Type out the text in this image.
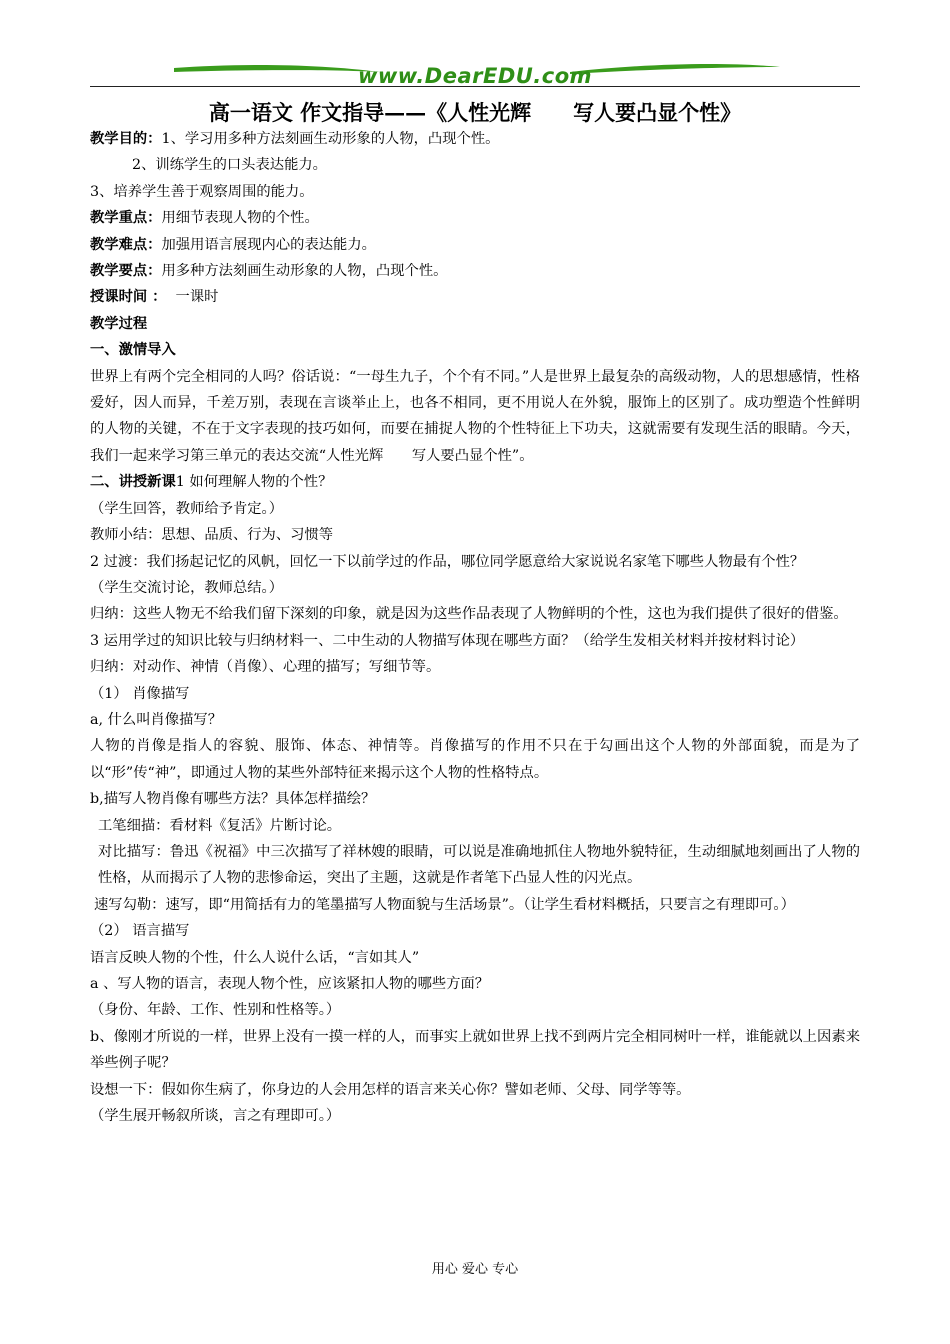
www.DearEDU.com
高一语文 作文指导——《人性光辉　　写人要凸显个性》

教学目的：1、学习用多种方法刻画生动形象的人物，凸现个性。

2、训练学生的口头表达能力。

3、培养学生善于观察周围的能力。

教学重点：用细节表现人物的个性。

教学难点：加强用语言展现内心的表达能力。

教学要点：用多种方法刻画生动形象的人物，凸现个性。

授课时间 ：  一课时

教学过程

一、激情导入

世界上有两个完全相同的人吗？俗话说：“一母生九子，个个有不同。”人是世界上最复杂的高级动物，人的思想感情，性格爱好，因人而异，千差万别，表现在言谈举止上，也各不相同，更不用说人在外貌，服饰上的区别了。成功塑造个性鲜明的人物的关键，不在于文字表现的技巧如何，而要在捕捉人物的个性特征上下功夫，这就需要有发现生活的眼睛。今天，我们一起来学习第三单元的表达交流“人性光辉　　写人要凸显个性”。

二、讲授新课1 如何理解人物的个性？

（学生回答，教师给予肯定。）

教师小结：思想、品质、行为、习惯等

2 过渡：我们扬起记忆的风帆，回忆一下以前学过的作品，哪位同学愿意给大家说说名家笔下哪些人物最有个性？

（学生交流讨论，教师总结。）

归纳：这些人物无不给我们留下深刻的印象，就是因为这些作品表现了人物鲜明的个性，这也为我们提供了很好的借鉴。

3 运用学过的知识比较与归纳材料一、二中生动的人物描写体现在哪些方面？（给学生发相关材料并按材料讨论）

归纳：对动作、神情（肖像）、心理的描写；写细节等。

（1） 肖像描写

a, 什么叫肖像描写？

人物的肖像是指人的容貌、服饰、体态、神情等。肖像描写的作用不只在于勾画出这个人物的外部面貌，而是为了以“形”传“神”，即通过人物的某些外部特征来揭示这个人物的性格特点。

b,描写人物肖像有哪些方法？具体怎样描绘？

工笔细描：看材料《复活》片断讨论。

对比描写：鲁迅《祝福》中三次描写了祥林嫂的眼睛，可以说是准确地抓住人物地外貌特征，生动细腻地刻画出了人物的性格，从而揭示了人物的悲惨命运，突出了主题，这就是作者笔下凸显人性的闪光点。

速写勾勒：速写，即“用简括有力的笔墨描写人物面貌与生活场景”。（让学生看材料概括，只要言之有理即可。）

（2） 语言描写

语言反映人物的个性，什么人说什么话，“言如其人”

a 、写人物的语言，表现人物个性，应该紧扣人物的哪些方面？

（身份、年龄、工作、性别和性格等。）

b、像刚才所说的一样，世界上没有一摸一样的人，而事实上就如世界上找不到两片完全相同树叶一样，谁能就以上因素来举些例子呢？

设想一下：假如你生病了，你身边的人会用怎样的语言来关心你？譬如老师、父母、同学等等。

（学生展开畅叙所谈，言之有理即可。）

用心 爱心 专心
